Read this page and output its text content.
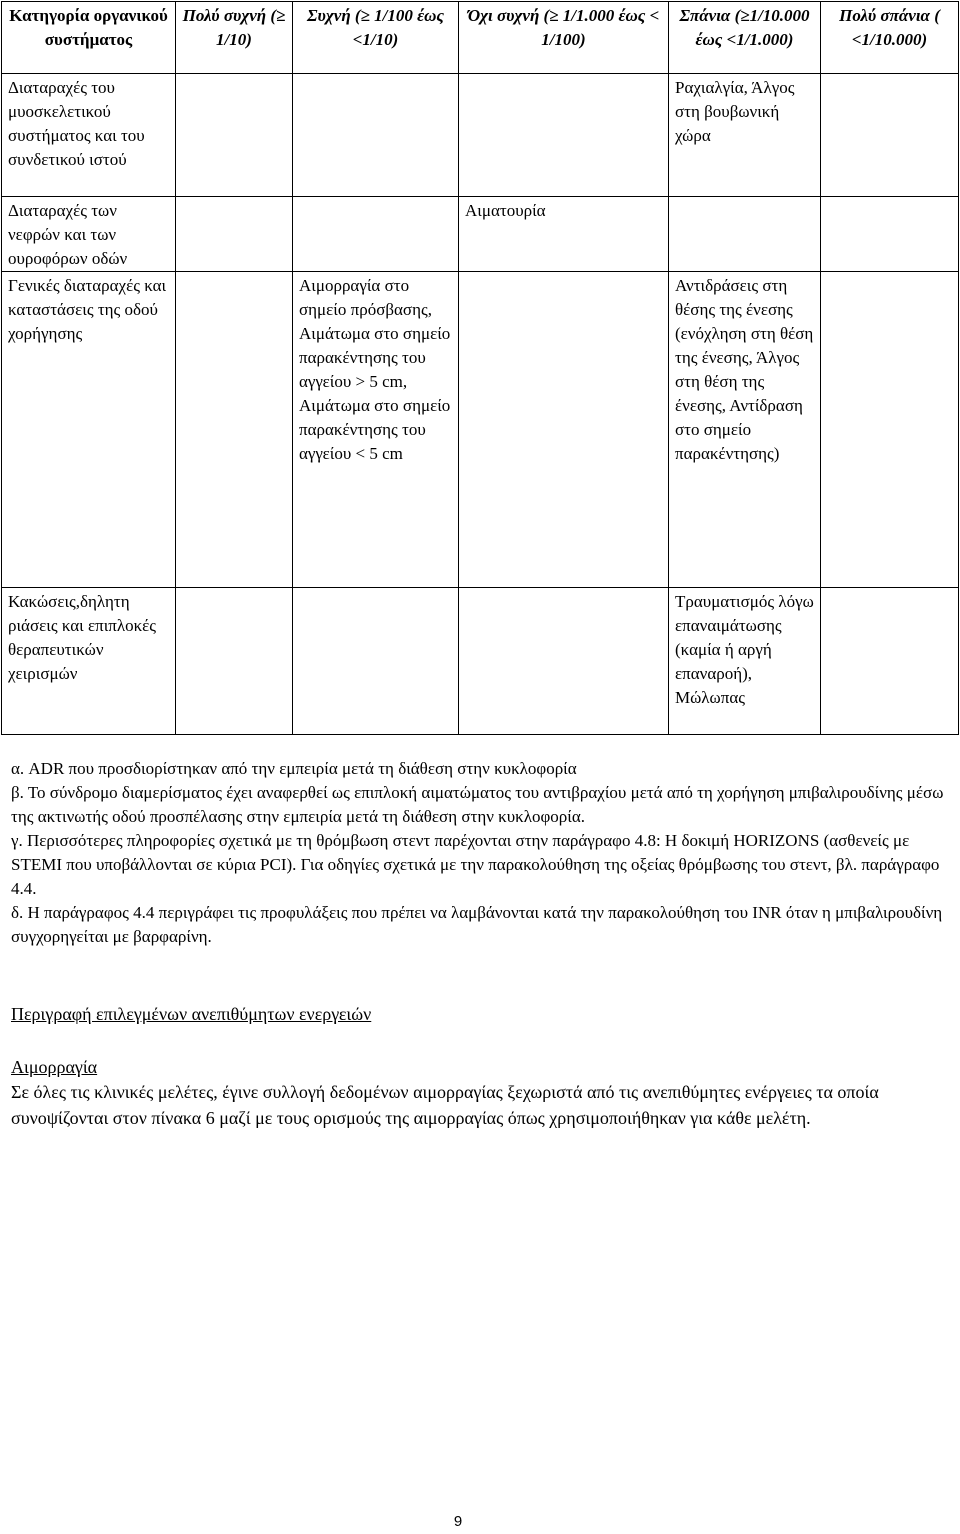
Κατηγορία οργανικού συστήματος	Πολύ συχνή (≥ 1/10)	Συχνή (≥ 1/100 έως <1/10)	Όχι συχνή (≥ 1/1.000 έως < 1/100)	Σπάνια (≥1/10.000 έως <1/1.000)	Πολύ σπάνια ( <1/10.000)
Διαταραχές του μυοσκελετικού συστήματος και του συνδετικού ιστού				Ραχιαλγία, Άλγος στη βουβωνική χώρα	
Διαταραχές των νεφρών και των ουροφόρων οδών			Αιματουρία		
Γενικές διαταραχές και καταστάσεις της οδού χορήγησης		Αιμορραγία στο σημείο πρόσβασης, Αιμάτωμα στο σημείο παρακέντησης του αγγείου > 5 cm, Αιμάτωμα στο σημείο παρακέντησης του αγγείου < 5 cm		Αντιδράσεις στη θέσης της ένεσης (ενόχληση στη θέση της ένεσης, Άλγος στη θέση της ένεσης, Αντίδραση στο σημείο παρακέντησης)	
Κακώσεις,δηλητη ριάσεις και επιπλοκές θεραπευτικών χειρισμών				Τραυματισμός λόγω επαναιμάτωσης (καμία ή αργή επαναροή), Μώλωπας	

α. ADR που προσδιορίστηκαν από την εμπειρία μετά τη διάθεση στην κυκλοφορία

β. Το σύνδρομο διαμερίσματος έχει αναφερθεί ως επιπλοκή αιματώματος του αντιβραχίου μετά από τη χορήγηση μπιβαλιρουδίνης μέσω της ακτινωτής οδού προσπέλασης στην εμπειρία μετά τη διάθεση στην κυκλοφορία.

γ. Περισσότερες πληροφορίες σχετικά με τη θρόμβωση στεντ παρέχονται στην παράγραφο 4.8: Η δοκιμή HORIZONS (ασθενείς με STEMI που υποβάλλονται σε κύρια PCI). Για οδηγίες σχετικά με την παρακολούθηση της οξείας θρόμβωσης του στεντ, βλ. παράγραφο 4.4.

δ. Η παράγραφος 4.4 περιγράφει τις προφυλάξεις που πρέπει να λαμβάνονται κατά την παρακολούθηση του INR όταν η μπιβαλιρουδίνη συγχορηγείται με βαρφαρίνη.

Περιγραφή επιλεγμένων ανεπιθύμητων ενεργειών
Αιμορραγία

Σε όλες τις κλινικές μελέτες, έγινε συλλογή δεδομένων αιμορραγίας ξεχωριστά από τις ανεπιθύμητες ενέργειες τα οποία συνοψίζονται στον πίνακα 6 μαζί με τους ορισμούς της αιμορραγίας όπως χρησιμοποιήθηκαν για κάθε μελέτη.

9
